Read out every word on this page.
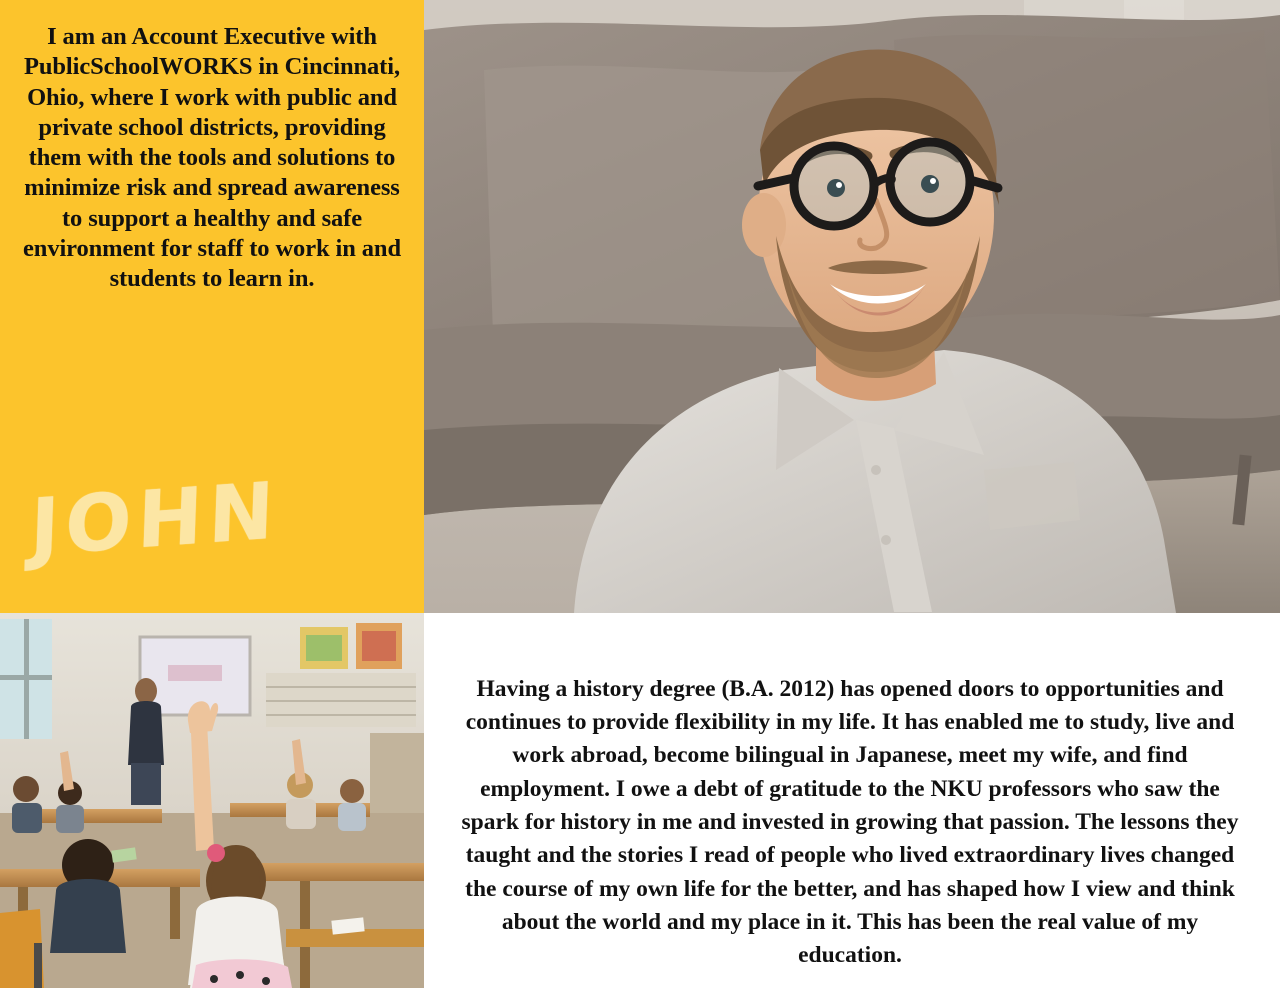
I am an Account Executive with PublicSchoolWORKS in Cincinnati, Ohio, where I work with public and private school districts, providing them with the tools and solutions to minimize risk and spread awareness to support a healthy and safe environment for staff to work in and students to learn in.
JOHN

Having a history degree (B.A. 2012) has opened doors to opportunities and continues to provide flexibility in my life. It has enabled me to study, live and work abroad, become bilingual in Japanese, meet my wife, and find employment. I owe a debt of gratitude to the NKU professors who saw the spark for history in me and invested in growing that passion. The lessons they taught and the stories I read of people who lived extraordinary lives changed the course of my own life for the better, and has shaped how I view and think about the world and my place in it. This has been the real value of my education.
